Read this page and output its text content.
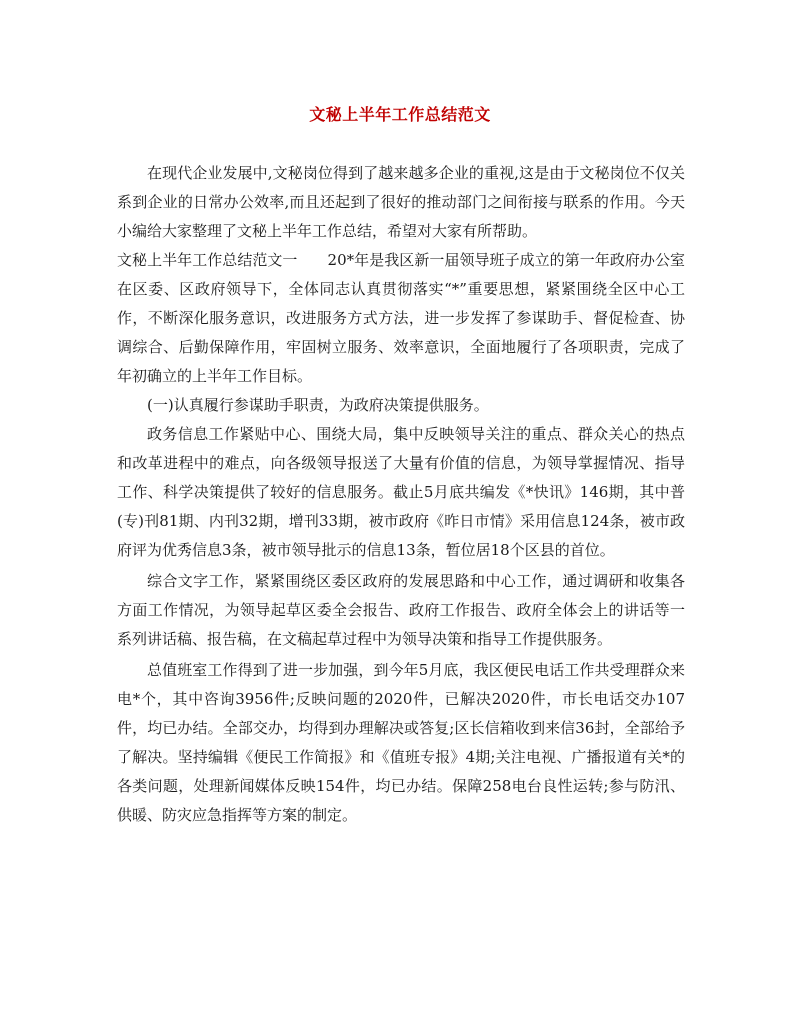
文秘上半年工作总结范文

在现代企业发展中,文秘岗位得到了越来越多企业的重视,这是由于文秘岗位不仅关系到企业的日常办公效率,而且还起到了很好的推动部门之间衔接与联系的作用。今天小编给大家整理了文秘上半年工作总结，希望对大家有所帮助。

文秘上半年工作总结范文一　　20*年是我区新一届领导班子成立的第一年政府办公室在区委、区政府领导下，全体同志认真贯彻落实“*”重要思想，紧紧围绕全区中心工作，不断深化服务意识，改进服务方式方法，进一步发挥了参谋助手、督促检查、协调综合、后勤保障作用，牢固树立服务、效率意识，全面地履行了各项职责，完成了年初确立的上半年工作目标。

(一)认真履行参谋助手职责，为政府决策提供服务。

政务信息工作紧贴中心、围绕大局，集中反映领导关注的重点、群众关心的热点和改革进程中的难点，向各级领导报送了大量有价值的信息，为领导掌握情况、指导工作、科学决策提供了较好的信息服务。截止5月底共编发《*快讯》146期，其中普(专)刊81期、内刊32期，增刊33期，被市政府《昨日市情》采用信息124条，被市政府评为优秀信息3条，被市领导批示的信息13条，暂位居18个区县的首位。

综合文字工作，紧紧围绕区委区政府的发展思路和中心工作，通过调研和收集各方面工作情况，为领导起草区委全会报告、政府工作报告、政府全体会上的讲话等一系列讲话稿、报告稿，在文稿起草过程中为领导决策和指导工作提供服务。

总值班室工作得到了进一步加强，到今年5月底，我区便民电话工作共受理群众来电*个，其中咨询3956件;反映问题的2020件，已解决2020件，市长电话交办107件，均已办结。全部交办，均得到办理解决或答复;区长信箱收到来信36封，全部给予了解决。坚持编辑《便民工作简报》和《值班专报》4期;关注电视、广播报道有关*的各类问题，处理新闻媒体反映154件，均已办结。保障258电台良性运转;参与防汛、供暖、防灾应急指挥等方案的制定。
